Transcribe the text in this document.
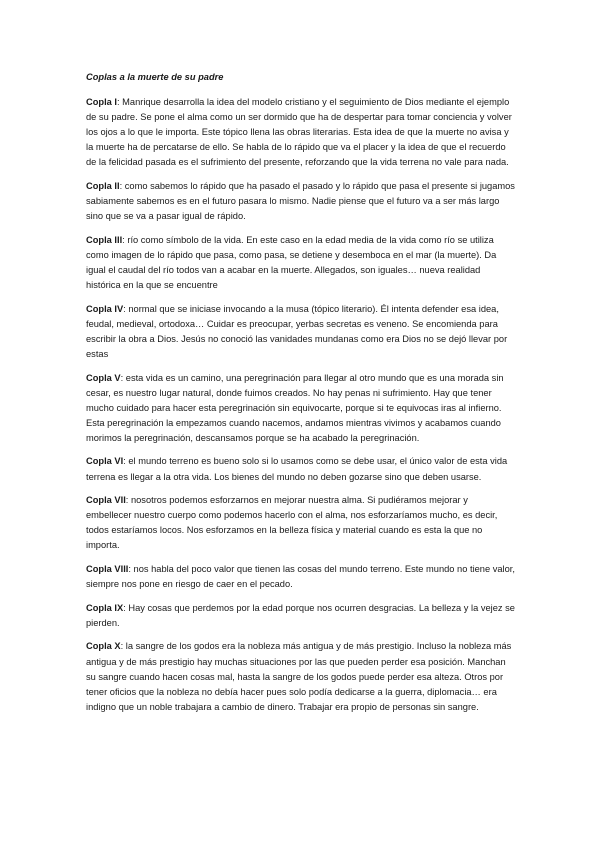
Coplas a la muerte de su padre

Copla I: Manrique desarrolla la idea del modelo cristiano y el seguimiento de Dios mediante el ejemplo de su padre. Se pone el alma como un ser dormido que ha de despertar para tomar conciencia y volver los ojos a lo que le importa. Este tópico llena las obras literarias. Esta idea de que la muerte no avisa y la muerte ha de percatarse de ello. Se habla de lo rápido que va el placer y la idea de que el recuerdo de la felicidad pasada es el sufrimiento del presente, reforzando que la vida terrena no vale para nada.

Copla II: como sabemos lo rápido que ha pasado el pasado y lo rápido que pasa el presente si jugamos sabiamente sabemos es en el futuro pasara lo mismo. Nadie piense que el futuro va a ser más largo sino que se va a pasar igual de rápido.

Copla III: río como símbolo de la vida. En este caso en la edad media de la vida como río se utiliza como imagen de lo rápido que pasa, como pasa, se detiene y desemboca en el mar (la muerte). Da igual el caudal del río todos van a acabar en la muerte. Allegados, son iguales… nueva realidad histórica en la que se encuentre

Copla IV: normal que se iniciase invocando a la musa (tópico literario). Él intenta defender esa idea, feudal, medieval, ortodoxa… Cuidar es preocupar, yerbas secretas es veneno. Se encomienda para escribir la obra a Dios. Jesús no conoció las vanidades mundanas como era Dios no se dejó llevar por estas

Copla V: esta vida es un camino, una peregrinación para llegar al otro mundo que es una morada sin cesar, es nuestro lugar natural, donde fuimos creados. No hay penas ni sufrimiento. Hay que tener mucho cuidado para hacer esta peregrinación sin equivocarte, porque si te equivocas iras al infierno. Esta peregrinación la empezamos cuando nacemos, andamos mientras vivimos y acabamos cuando morimos la peregrinación, descansamos porque se ha acabado la peregrinación.

Copla VI: el mundo terreno es bueno solo si lo usamos como se debe usar, el único valor de esta vida terrena es llegar a la otra vida. Los bienes del mundo no deben gozarse sino que deben usarse.

Copla VII: nosotros podemos esforzarnos en mejorar nuestra alma. Si pudiéramos mejorar y embellecer nuestro cuerpo como podemos hacerlo con el alma, nos esforzaríamos mucho, es decir, todos estaríamos locos. Nos esforzamos en la belleza física y material cuando es esta la que no importa.

Copla VIII: nos habla del poco valor que tienen las cosas del mundo terreno. Este mundo no tiene valor, siempre nos pone en riesgo de caer en el pecado.

Copla IX: Hay cosas que perdemos por la edad porque nos ocurren desgracias. La belleza y la vejez se pierden.

Copla X: la sangre de los godos era la nobleza más antigua y de más prestigio. Incluso la nobleza más antigua y de más prestigio hay muchas situaciones por las que pueden perder esa posición. Manchan su sangre cuando hacen cosas mal, hasta la sangre de los godos puede perder esa alteza. Otros por tener oficios que la nobleza no debía hacer pues solo podía dedicarse a la guerra, diplomacia… era indigno que un noble trabajara a cambio de dinero. Trabajar era propio de personas sin sangre.
